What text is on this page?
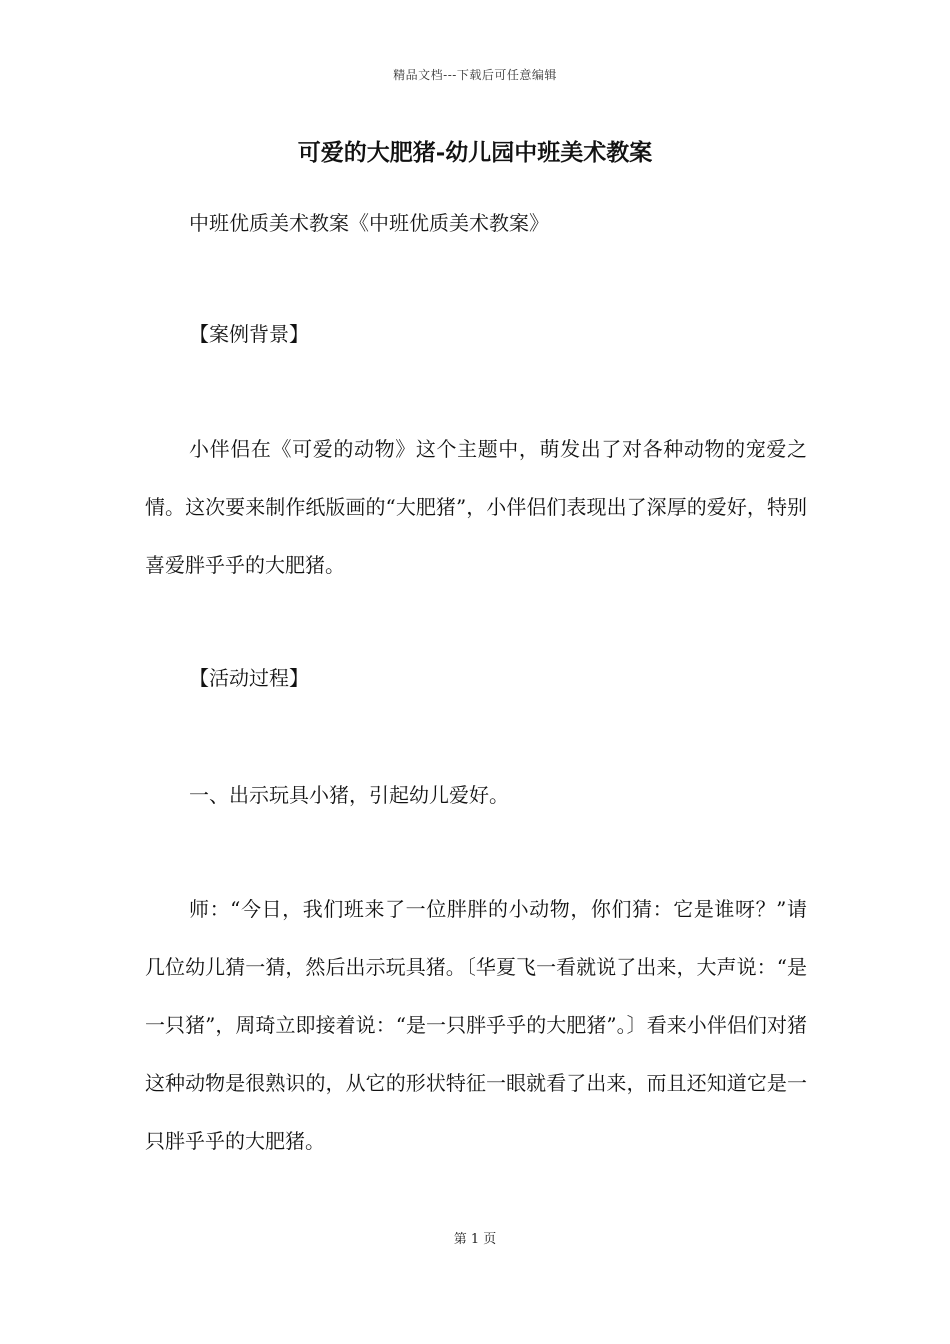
精品文档---下载后可任意编辑
可爱的大肥猪-幼儿园中班美术教案

中班优质美术教案《中班优质美术教案》

【案例背景】

小伴侣在《可爱的动物》这个主题中，萌发出了对各种动物的宠爱之情。这次要来制作纸版画的“大肥猪”，小伴侣们表现出了深厚的爱好，特别喜爱胖乎乎的大肥猪。

【活动过程】

一、出示玩具小猪，引起幼儿爱好。

师：“今日，我们班来了一位胖胖的小动物，你们猜：它是谁呀？”请几位幼儿猜一猜，然后出示玩具猪。〔华夏飞一看就说了出来，大声说：“是一只猪”，周琦立即接着说：“是一只胖乎乎的大肥猪”。〕看来小伴侣们对猪这种动物是很熟识的，从它的形状特征一眼就看了出来，而且还知道它是一只胖乎乎的大肥猪。

第 1 页
